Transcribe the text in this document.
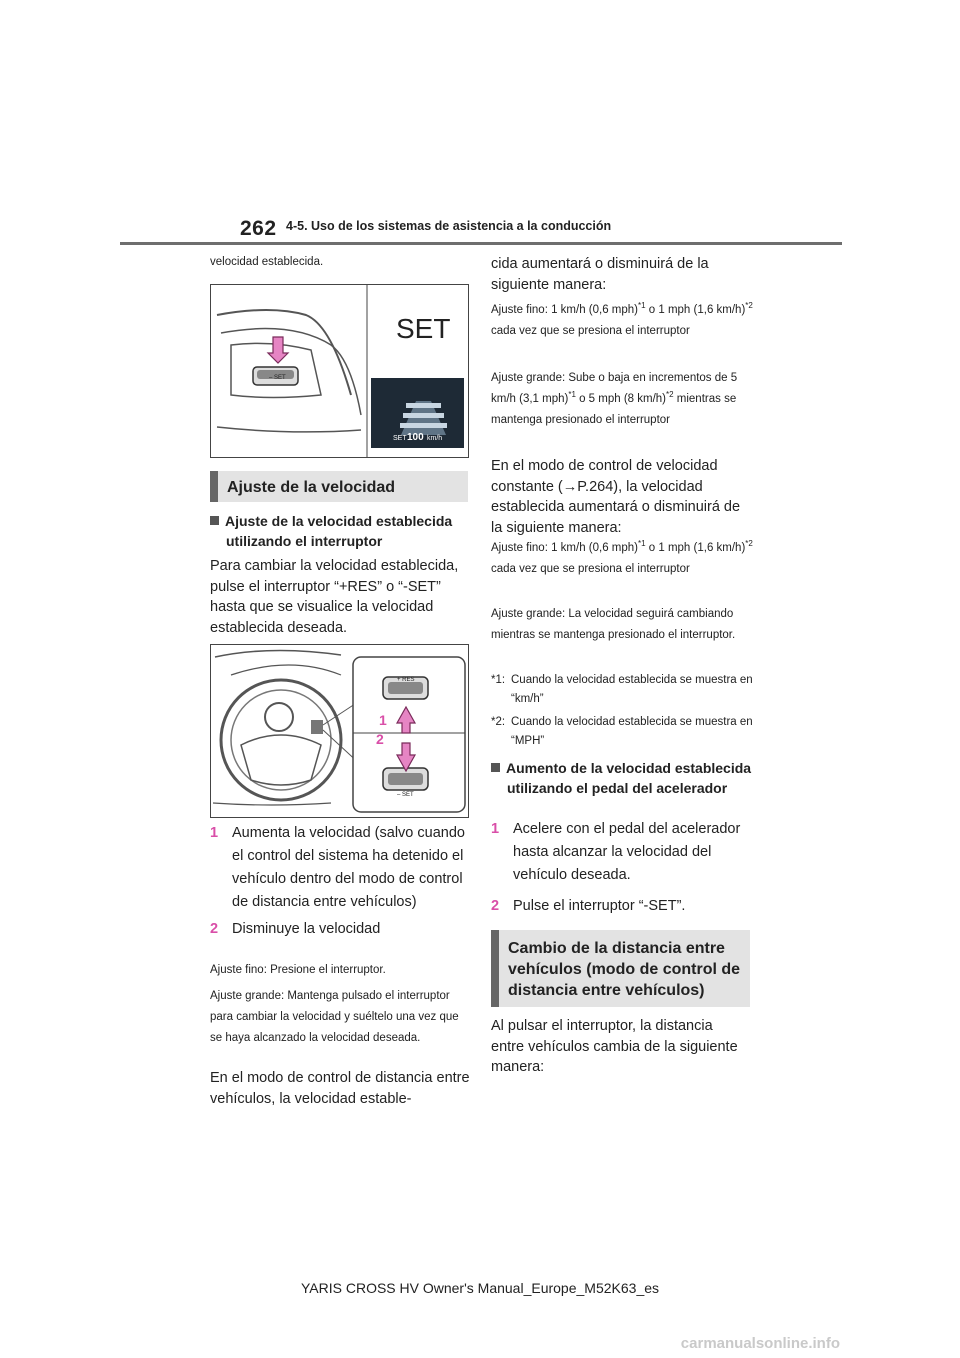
262 4-5. Uso de los sistemas de asistencia a la conducción
velocidad establecida.
SET
– SET
SET 100 km/h
Ajuste de la velocidad
Ajuste de la velocidad establecida utilizando el interruptor
Para cambiar la velocidad establecida, pulse el interruptor “+RES” o “-SET” hasta que se visualice la velocidad establecida deseada.
+ RES
– SET
1
2
1 Aumenta la velocidad (salvo cuando el control del sistema ha detenido el vehículo dentro del modo de control de distancia entre vehículos)
2 Disminuye la velocidad
Ajuste fino: Presione el interruptor.
Ajuste grande: Mantenga pulsado el interruptor para cambiar la velocidad y suéltelo una vez que se haya alcanzado la velocidad deseada.
En el modo de control de distancia entre vehículos, la velocidad estable-
cida aumentará o disminuirá de la siguiente manera:
Ajuste fino: 1 km/h (0,6 mph)$^{*1}$ o 1 mph (1,6 km/h)$^{*2}$ cada vez que se presiona el interruptor
Ajuste grande: Sube o baja en incrementos de 5 km/h (3,1 mph)$^{*1}$ o 5 mph (8 km/h)$^{*2}$ mientras se mantenga presionado el interruptor
En el modo de control de velocidad constante (→P.264), la velocidad establecida aumentará o disminuirá de la siguiente manera:
Ajuste fino: 1 km/h (0,6 mph)$^{*1}$ o 1 mph (1,6 km/h)$^{*2}$ cada vez que se presiona el interruptor
Ajuste grande: La velocidad seguirá cambiando mientras se mantenga presionado el interruptor.
*1: Cuando la velocidad establecida se muestra en “km/h”
*2: Cuando la velocidad establecida se muestra en “MPH”
Aumento de la velocidad establecida utilizando el pedal del acelerador
1 Acelere con el pedal del acelerador hasta alcanzar la velocidad del vehículo deseada.
2 Pulse el interruptor “-SET”.
Cambio de la distancia entre vehículos (modo de control de distancia entre vehículos)
Al pulsar el interruptor, la distancia entre vehículos cambia de la siguiente manera:
YARIS CROSS HV Owner's Manual_Europe_M52K63_es
carmanualsonline.info
